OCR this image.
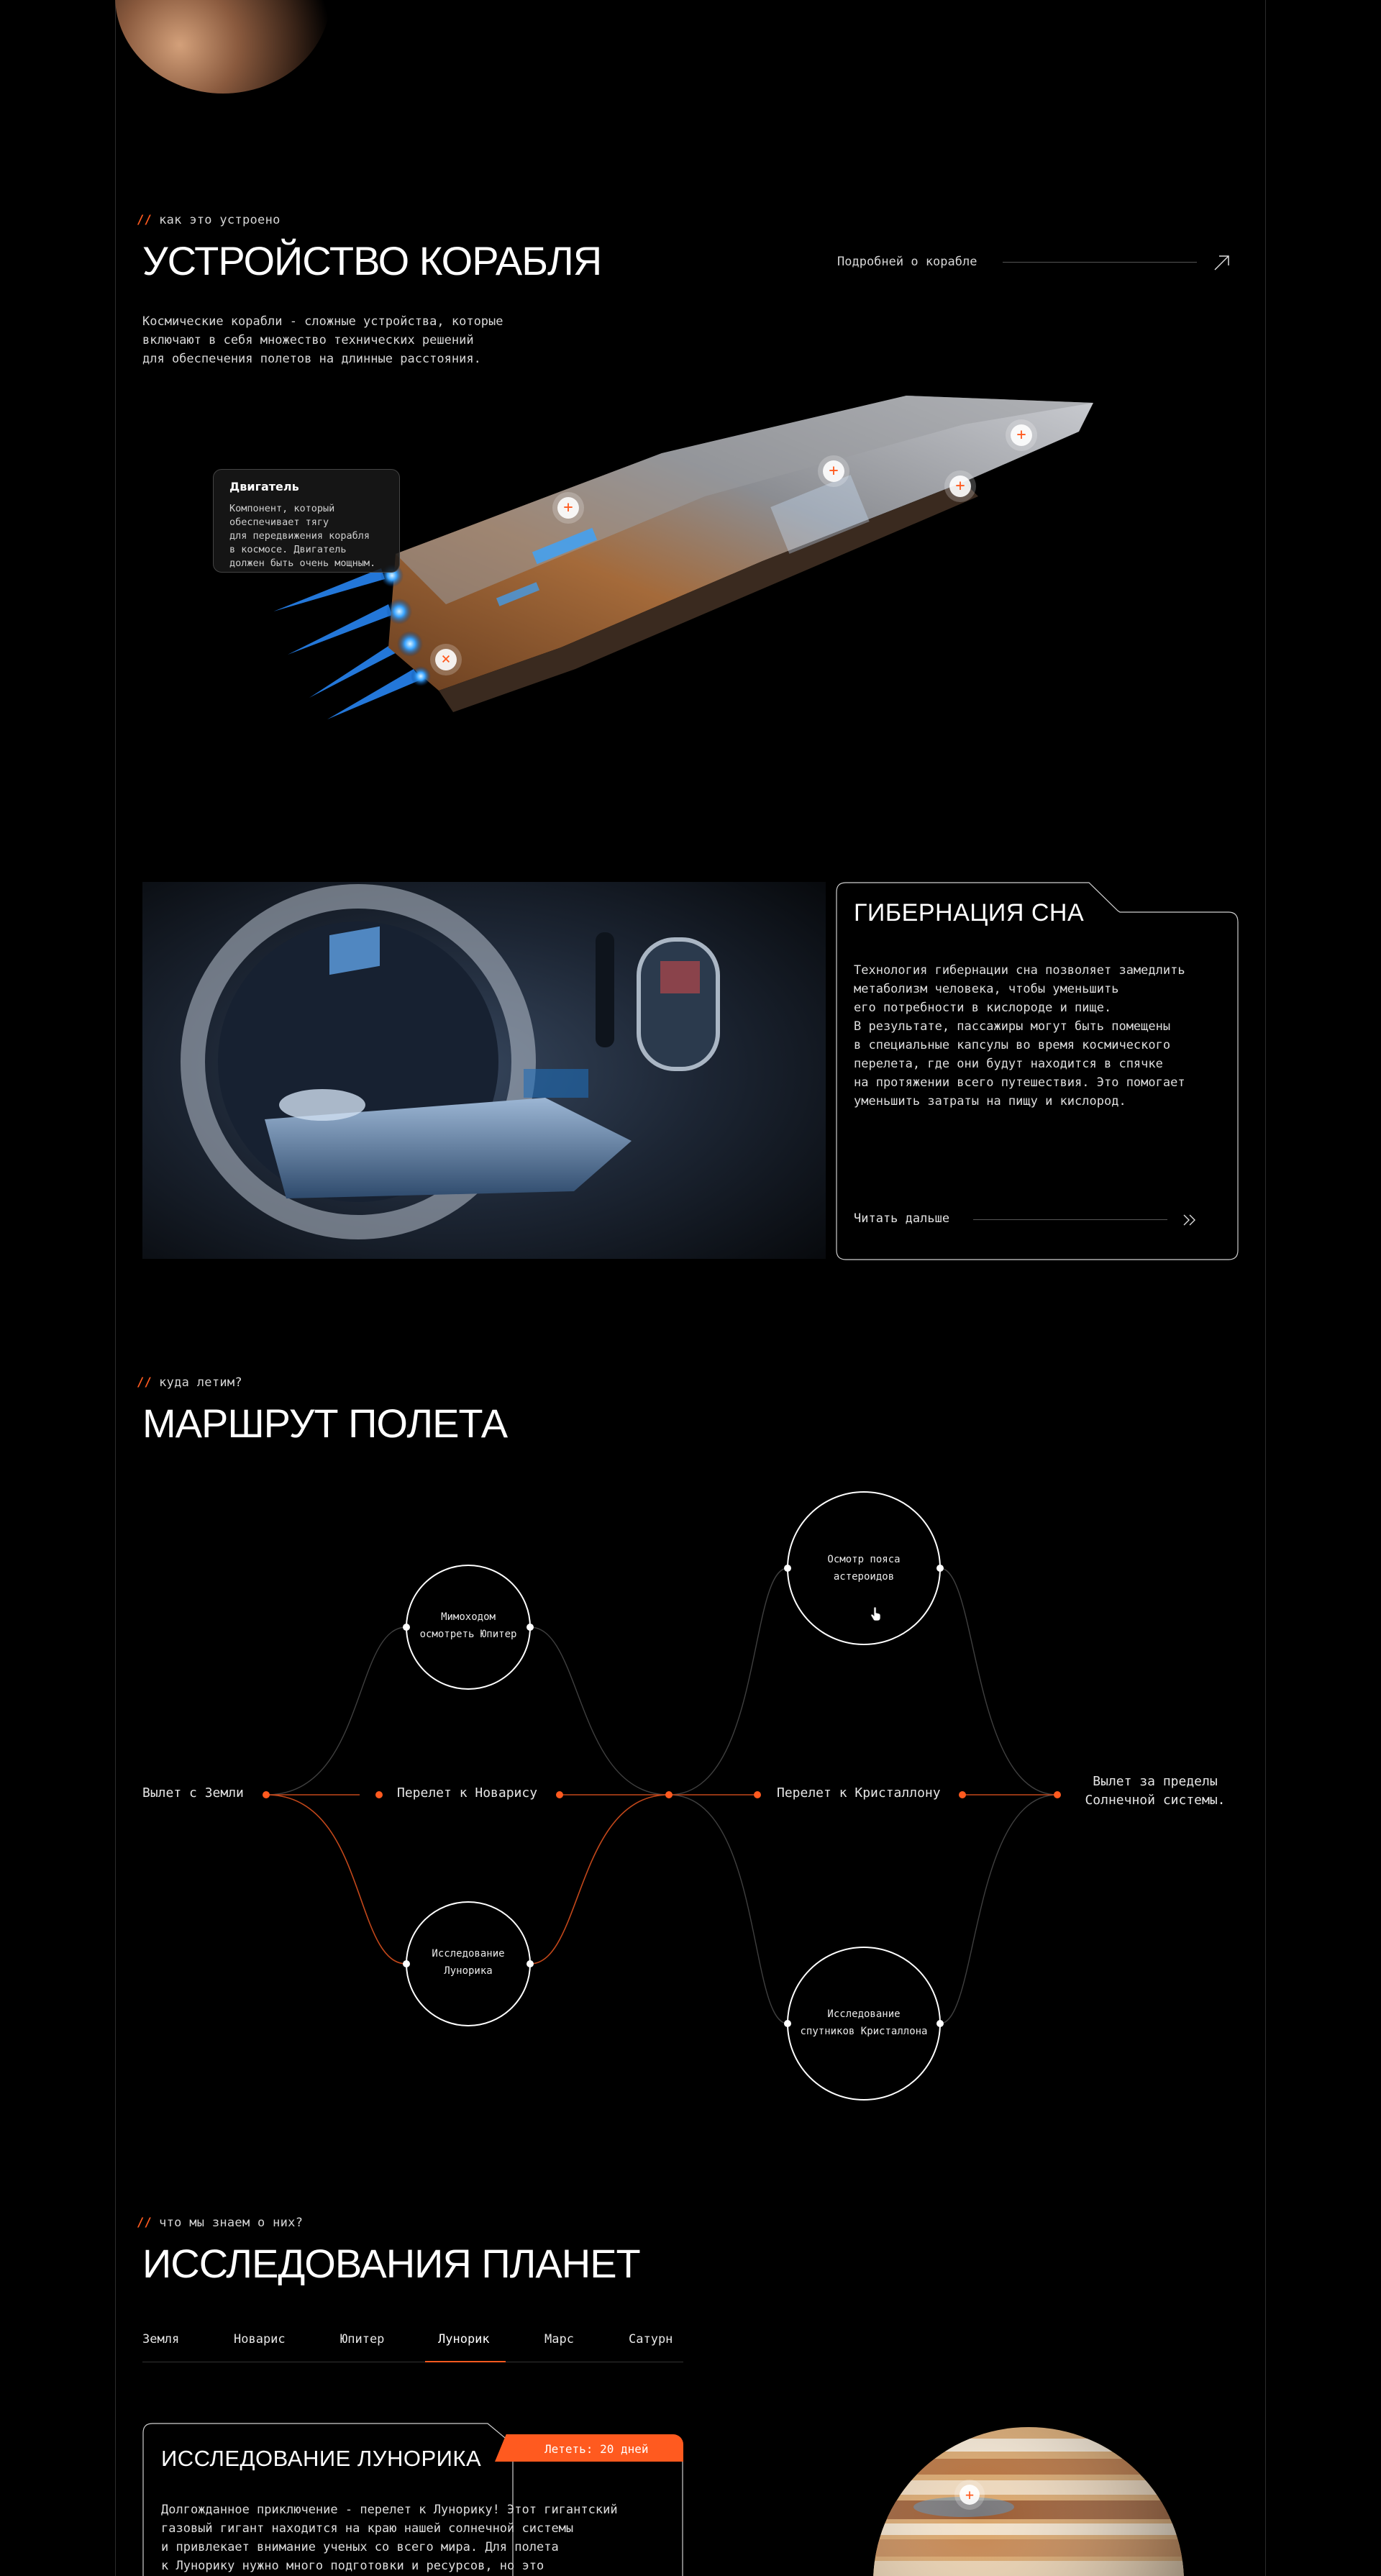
// как это устроено
УСТРОЙСТВО КОРАБЛЯ	Подробней о корабле
Космические корабли - сложные устройства, которые
включают в себя множество технических решений
для обеспечения полетов на длинные расстояния.
×
+
+
+
+
Двигатель
Компонент, который
обеспечивает тягу
для передвижения корабля
в космосе. Двигатель
должен быть очень мощным.
ГИБЕРНАЦИЯ СНА
Технология гибернации сна позволяет замедлить
метаболизм человека, чтобы уменьшить
его потребности в кислороде и пище.
В результате, пассажиры могут быть помещены
в специальные капсулы во время космического
перелета, где они будут находится в спячке
на протяжении всего путешествия. Это помогает
уменьшить затраты на пищу и кислород.
Читать дальше
// куда летим?
МАРШРУТ ПОЛЕТА
Вылет с Земли	Перелет к Новарису	Перелет к Кристаллону
Вылет за пределы
Солнечной системы.
Мимоходом
осмотреть Юпитер
Исследование
Лунорика
Осмотр пояса
астероидов
Исследование
спутников Кристаллона
// что мы знаем о них?
ИССЛЕДОВАНИЯ ПЛАНЕТ
Земля	Новарис	Юпитер	Лунорик	Марс	Сатурн
Лететь: 20 дней
ИССЛЕДОВАНИЕ ЛУНОРИКА
Долгожданное приключение - перелет к Лунорику! Этот гигантский
газовый гигант находится на краю нашей солнечной системы
и привлекает внимание ученых со всего мира. Для полета
к Лунорику нужно много подготовки и ресурсов, но это
+
